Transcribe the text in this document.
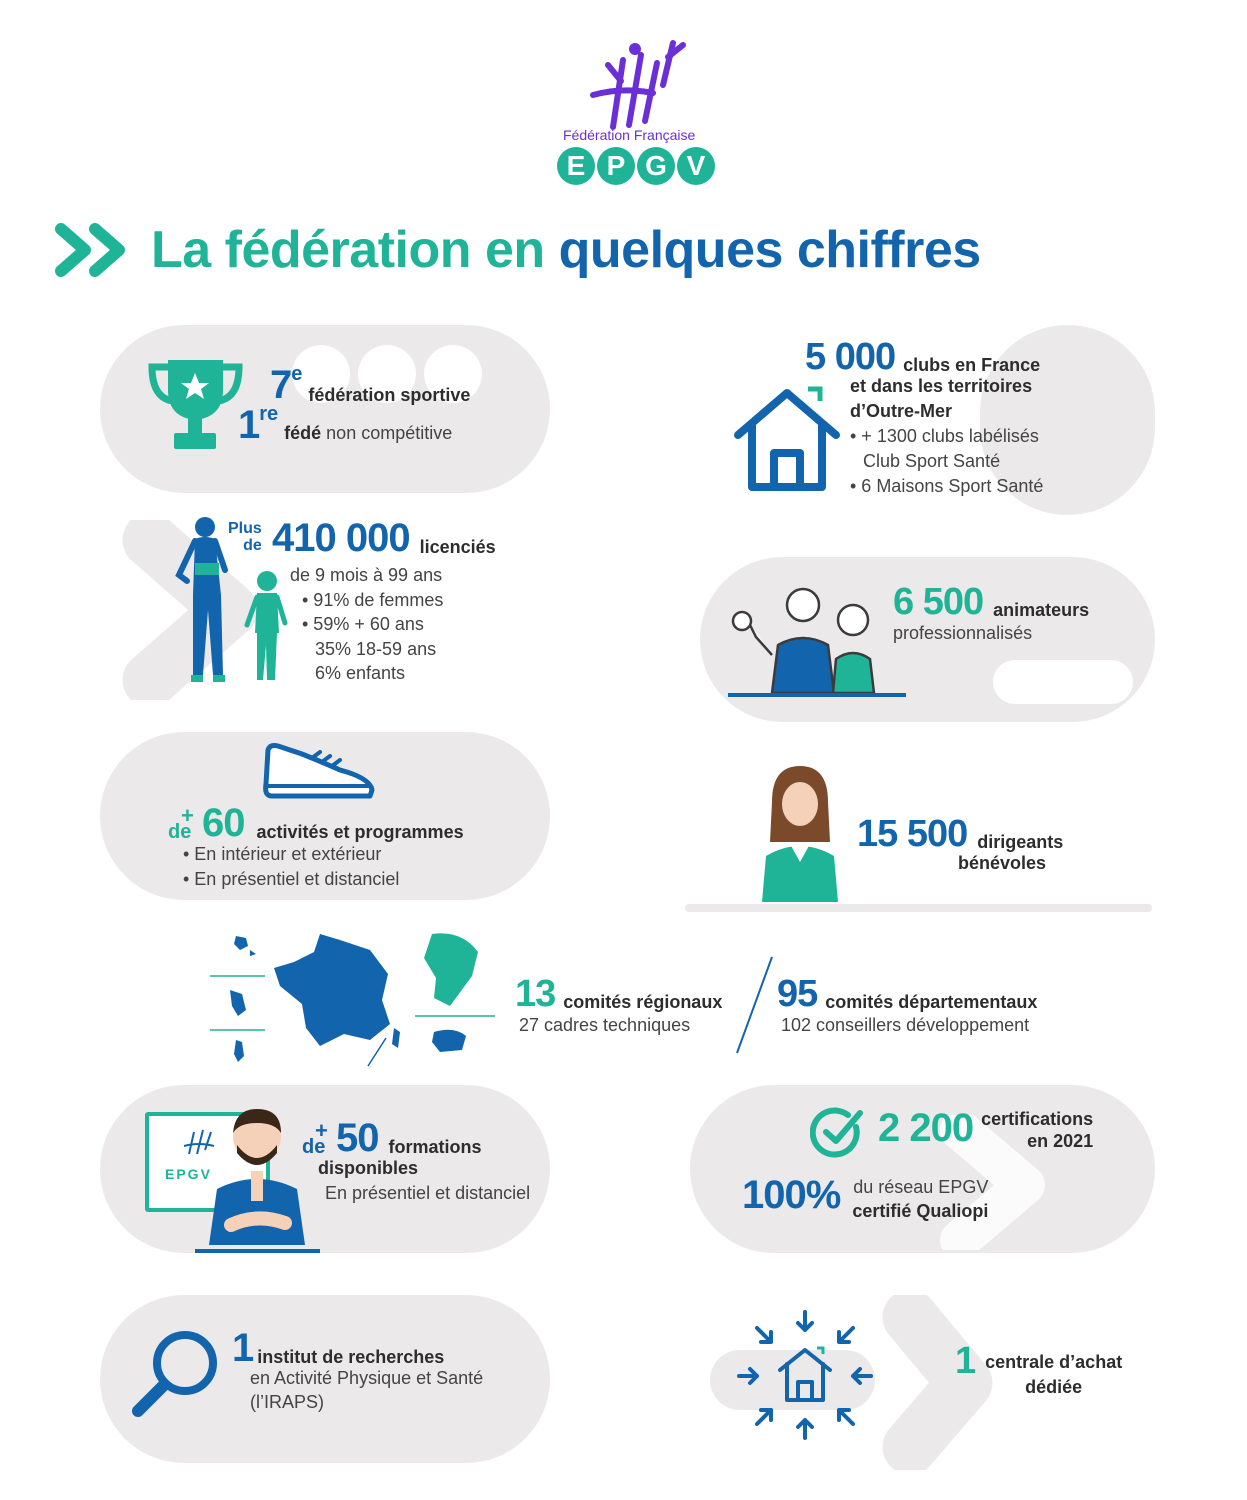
Fédération Française
E P G V
La fédération en quelques chiffres
7 e
fédération sportive
1 re
fédé non compétitive
5 000 clubs en France
et dans les territoires
d’Outre-Mer
• + 1300 clubs labélisés
Club Sport Santé
• 6 Maisons Sport Santé
Plus
de 410 000 licenciés
de 9 mois à 99 ans
• 91% de femmes
• 59% + 60 ans
35% 18-59 ans
6% enfants
6 500 animateurs
professionnalisés
+
de 60 activités et programmes
• En intérieur et extérieur
• En présentiel et distanciel
15 500 dirigeants
bénévoles
13 comités régionaux
27 cadres techniques
95 comités départementaux
102 conseillers développement
EPGV
+
de 50 formations
disponibles
En présentiel et distanciel
2 200 certifications
en 2021
100% du réseau EPGV
certifié Qualiopi
1 institut de recherches
en Activité Physique et Santé
(l’IRAPS)
1 centrale d’achat
dédiée
